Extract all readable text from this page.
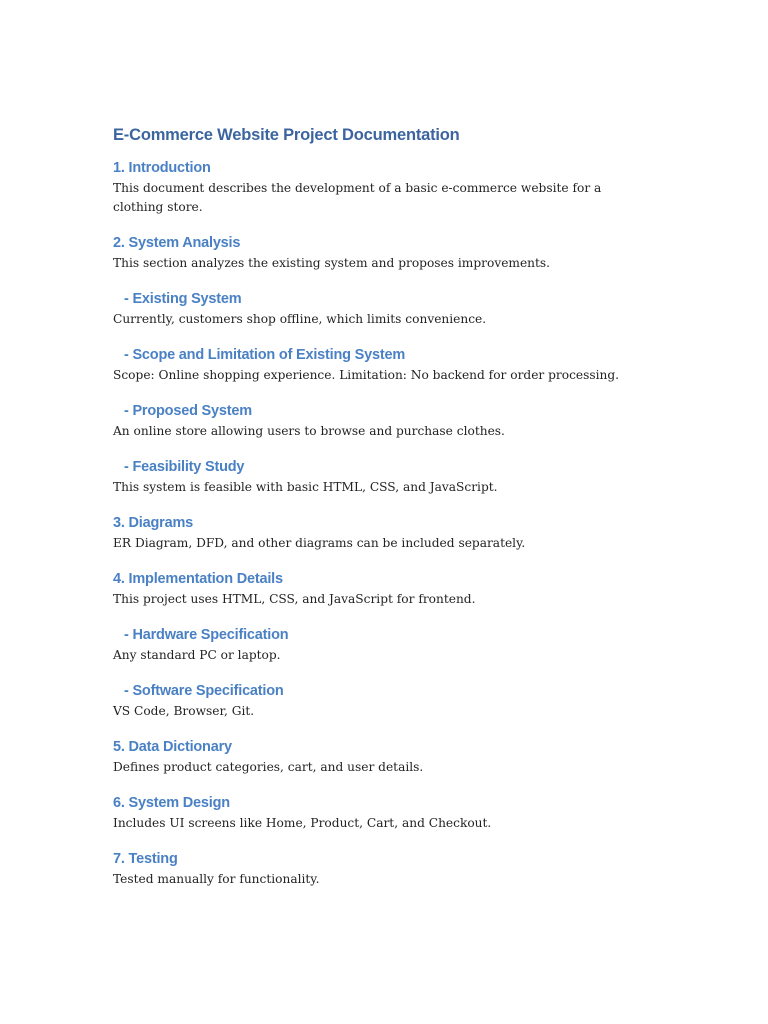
E-Commerce Website Project Documentation
1. Introduction

This document describes the development of a basic e-commerce website for a clothing store.

2. System Analysis

This section analyzes the existing system and proposes improvements.

- Existing System

Currently, customers shop offline, which limits convenience.

- Scope and Limitation of Existing System

Scope: Online shopping experience. Limitation: No backend for order processing.

- Proposed System

An online store allowing users to browse and purchase clothes.

- Feasibility Study

This system is feasible with basic HTML, CSS, and JavaScript.

3. Diagrams

ER Diagram, DFD, and other diagrams can be included separately.

4. Implementation Details

This project uses HTML, CSS, and JavaScript for frontend.

- Hardware Specification

Any standard PC or laptop.

- Software Specification

VS Code, Browser, Git.

5. Data Dictionary

Defines product categories, cart, and user details.

6. System Design

Includes UI screens like Home, Product, Cart, and Checkout.

7. Testing

Tested manually for functionality.
